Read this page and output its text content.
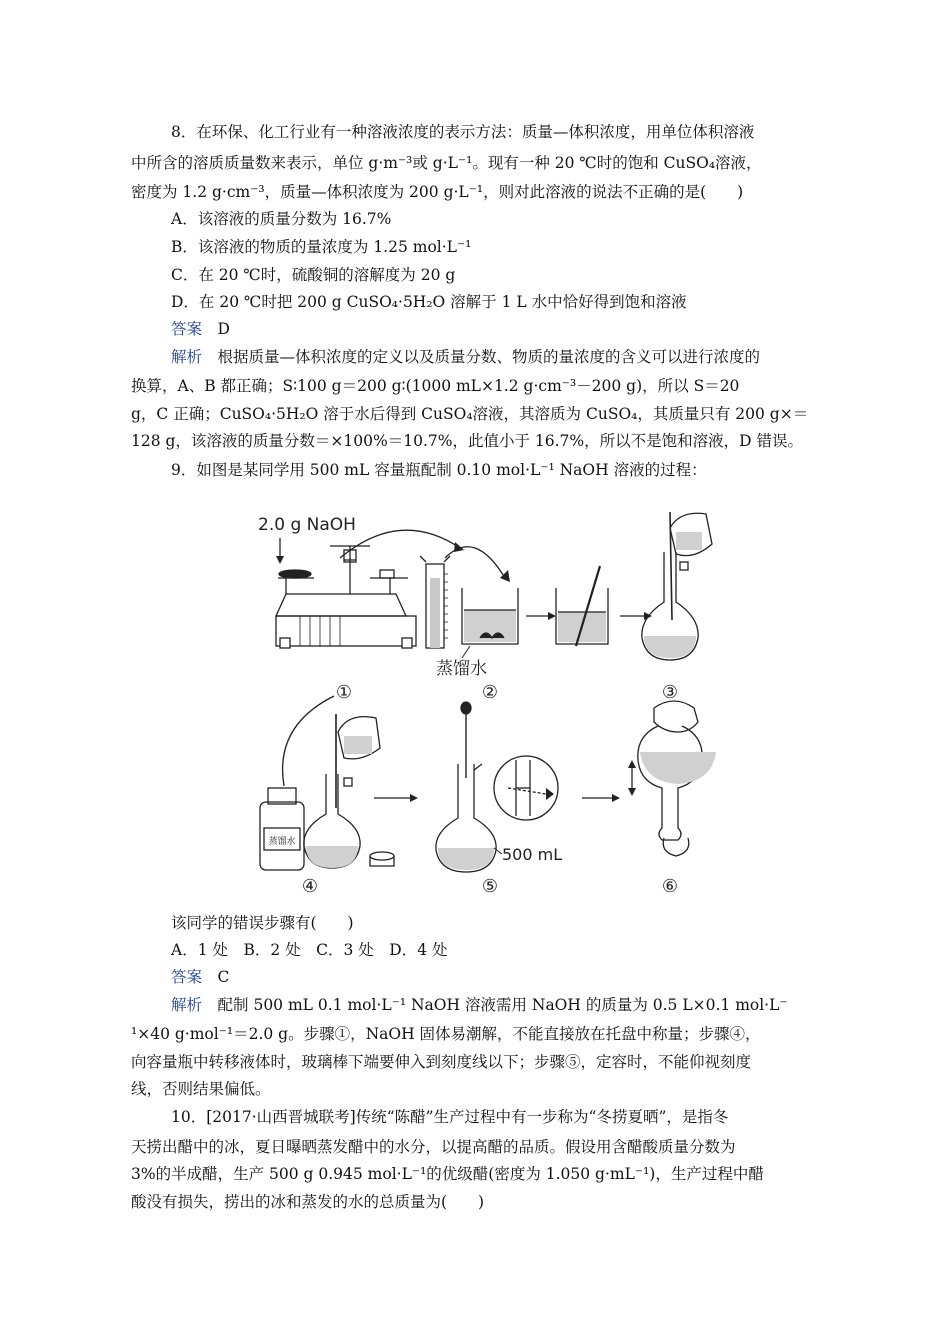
8．在环保、化工行业有一种溶液浓度的表示方法：质量—体积浓度，用单位体积溶液
中所含的溶质质量数来表示，单位 g·m⁻³或 g·L⁻¹。现有一种 20 ℃时的饱和 CuSO₄溶液，
密度为 1.2 g·cm⁻³，质量—体积浓度为 200 g·L⁻¹，则对此溶液的说法不正确的是(　　)
A．该溶液的质量分数为 16.7%
B．该溶液的物质的量浓度为 1.25 mol·L⁻¹
C．在 20 ℃时，硫酸铜的溶解度为 20 g
D．在 20 ℃时把 200 g CuSO₄·5H₂O 溶解于 1 L 水中恰好得到饱和溶液
答案　 D
解析　 根据质量—体积浓度的定义以及质量分数、物质的量浓度的含义可以进行浓度的
换算，A、B 都正确；S∶100 g＝200 g∶(1000 mL×1.2 g·cm⁻³－200 g)，所以 S＝20
g，C 正确；CuSO₄·5H₂O 溶于水后得到 CuSO₄溶液，其溶质为 CuSO₄，其质量只有 200 g×＝
128 g，该溶液的质量分数＝×100%＝10.7%，此值小于 16.7%，所以不是饱和溶液，D 错误。
9．如图是某同学用 500 mL 容量瓶配制 0.10 mol·L⁻¹ NaOH 溶液的过程：
2.0 g NaOH
蒸馏水
①	②	③
蒸馏水
500 mL
④	⑤	⑥
该同学的错误步骤有(　　)
A．1 处　B．2 处　C．3 处　D．4 处
答案　 C
解析　 配制 500 mL 0.1 mol·L⁻¹ NaOH 溶液需用 NaOH 的质量为 0.5 L×0.1 mol·L⁻
¹×40 g·mol⁻¹＝2.0 g。步骤①，NaOH 固体易潮解，不能直接放在托盘中称量；步骤④，
向容量瓶中转移液体时，玻璃棒下端要伸入到刻度线以下；步骤⑤，定容时，不能仰视刻度
线，否则结果偏低。
10．[2017·山西晋城联考]传统“陈醋”生产过程中有一步称为“冬捞夏晒”，是指冬
天捞出醋中的冰，夏日曝晒蒸发醋中的水分，以提高醋的品质。假设用含醋酸质量分数为
3%的半成醋，生产 500 g 0.945 mol·L⁻¹的优级醋(密度为 1.050 g·mL⁻¹)，生产过程中醋
酸没有损失，捞出的冰和蒸发的水的总质量为(　　)
